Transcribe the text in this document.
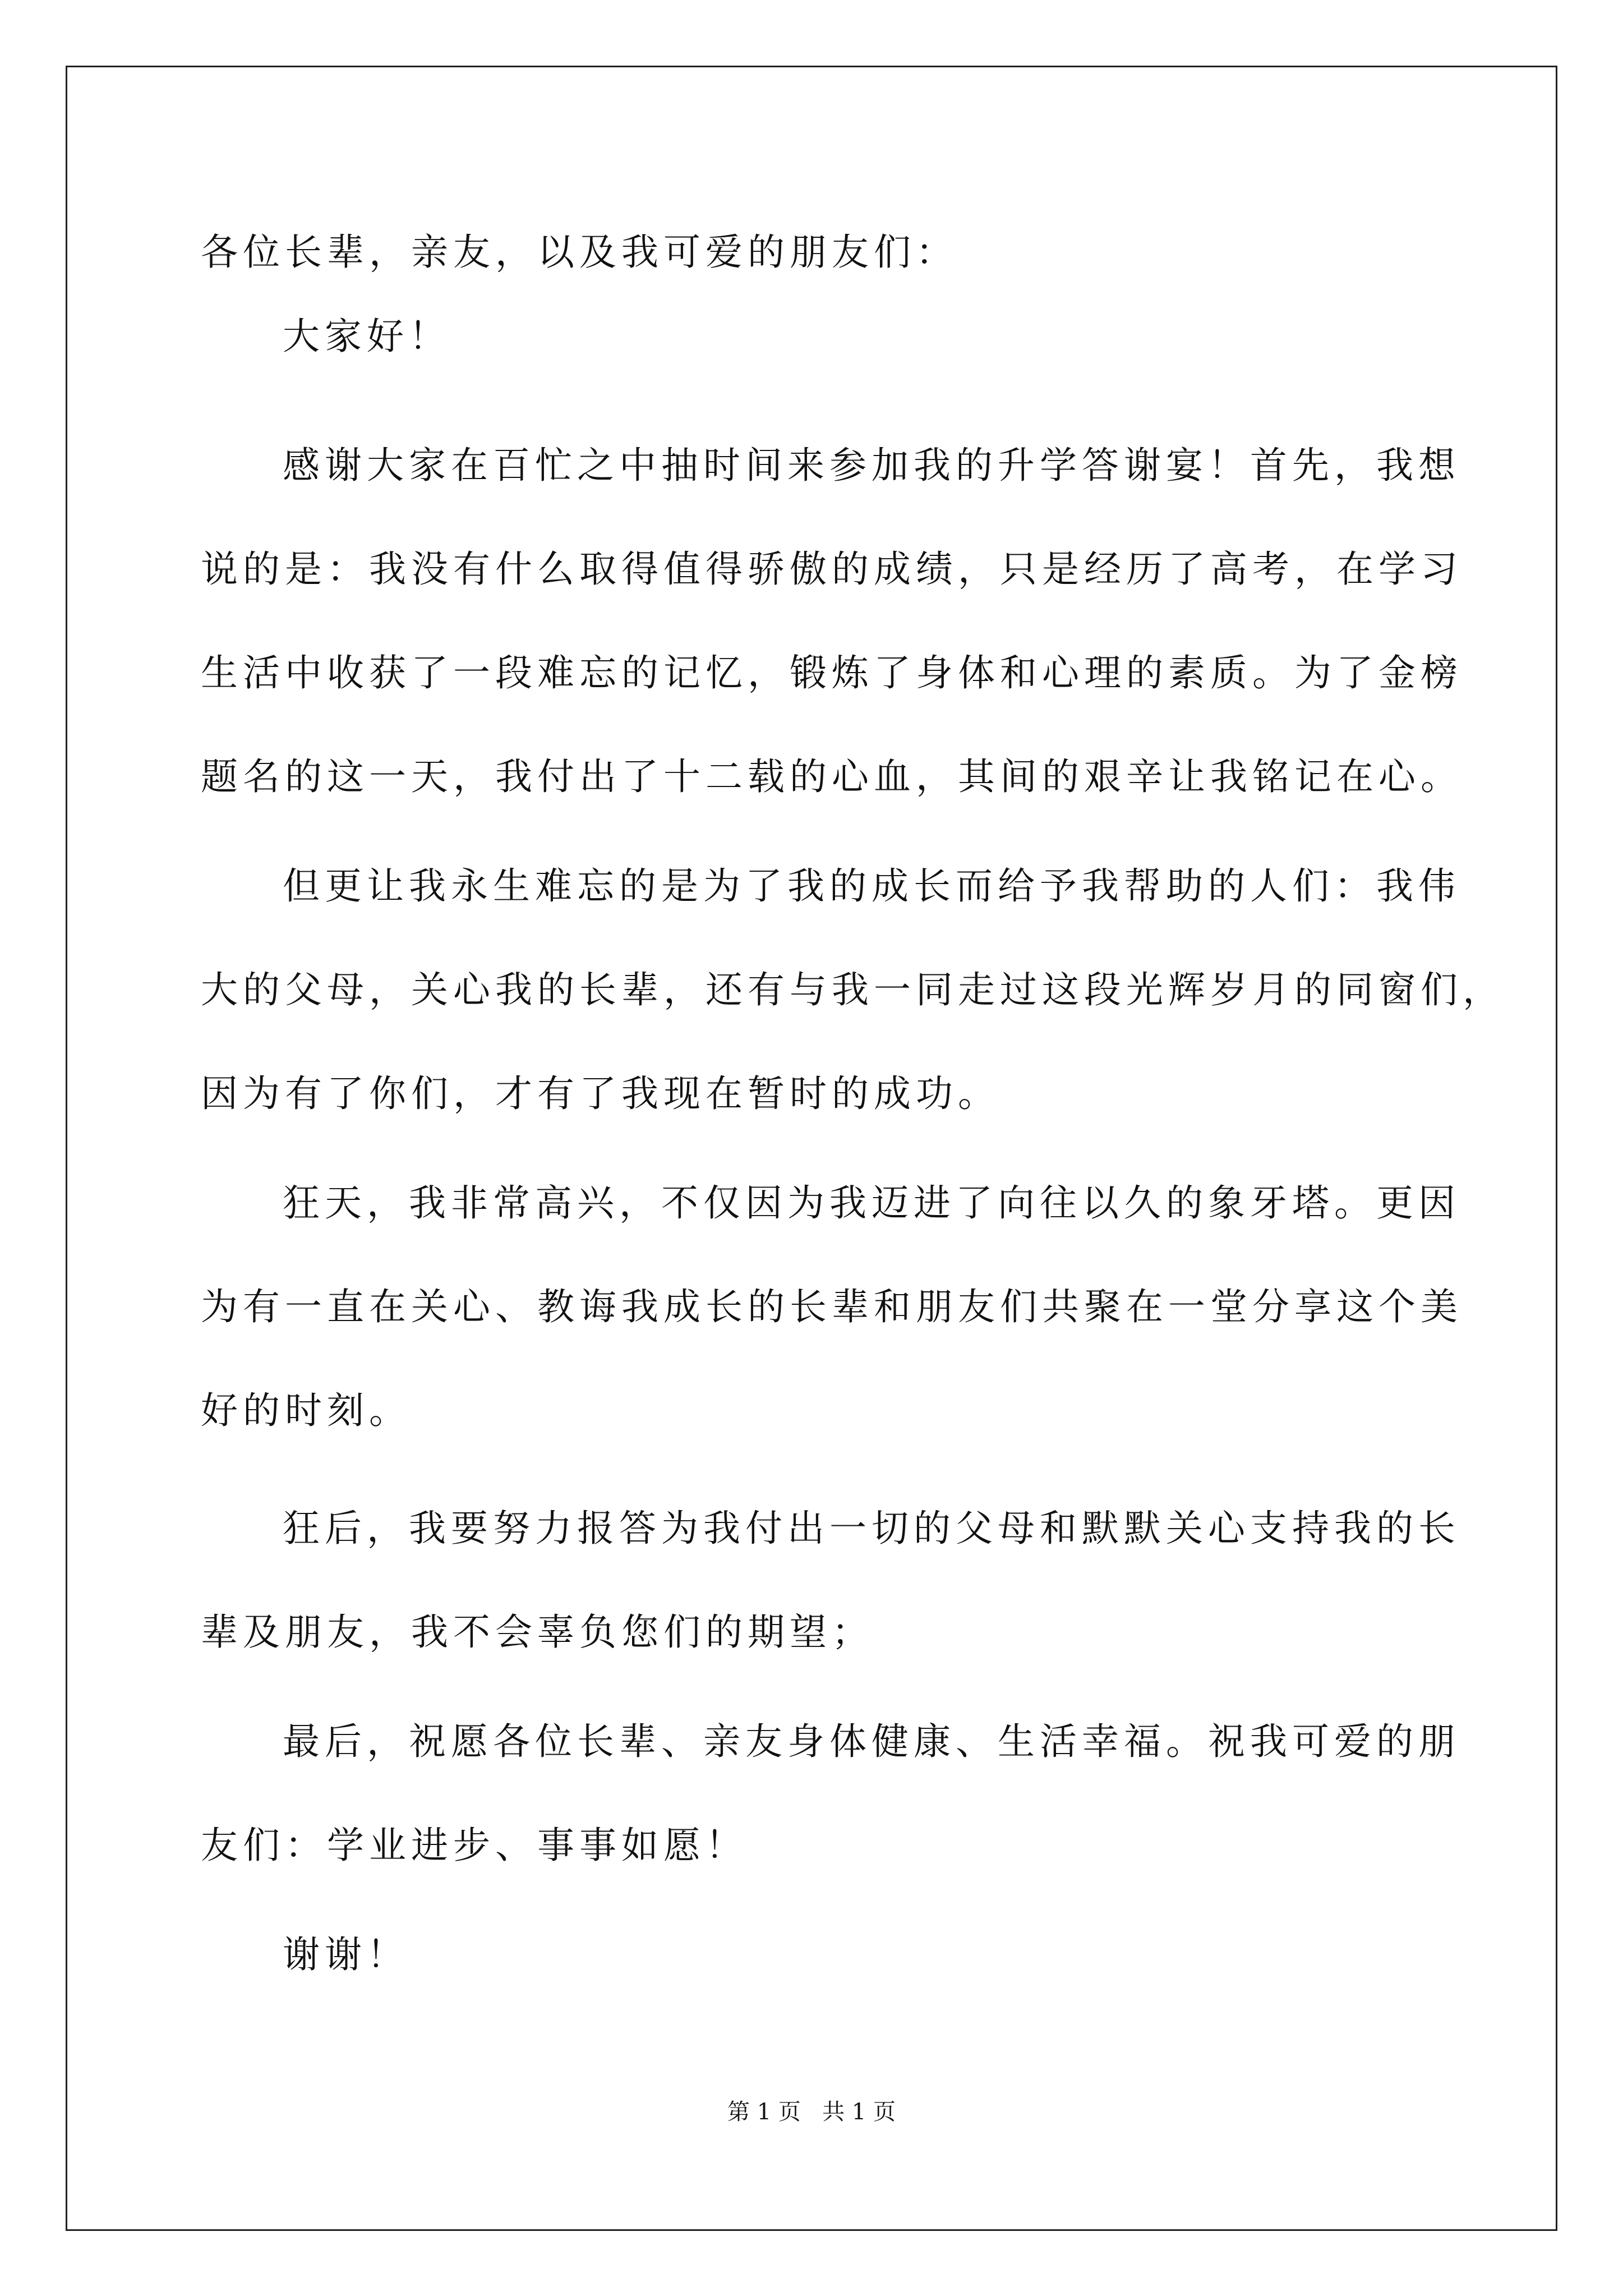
各位长辈，亲友，以及我可爱的朋友们：
大家好！
感谢大家在百忙之中抽时间来参加我的升学答谢宴！首先，我想
说的是：我没有什么取得值得骄傲的成绩，只是经历了高考，在学习
生活中收获了一段难忘的记忆，锻炼了身体和心理的素质。为了金榜
题名的这一天，我付出了十二载的心血，其间的艰辛让我铭记在心。
但更让我永生难忘的是为了我的成长而给予我帮助的人们：我伟
大的父母，关心我的长辈，还有与我一同走过这段光辉岁月的同窗们，
因为有了你们，才有了我现在暂时的成功。
狂天，我非常高兴，不仅因为我迈进了向往以久的象牙塔。更因
为有一直在关心、教诲我成长的长辈和朋友们共聚在一堂分享这个美
好的时刻。
狂后，我要努力报答为我付出一切的父母和默默关心支持我的长
辈及朋友，我不会辜负您们的期望；
最后，祝愿各位长辈、亲友身体健康、生活幸福。祝我可爱的朋
友们：学业进步、事事如愿！
谢谢！
第 1 页   共 1 页
